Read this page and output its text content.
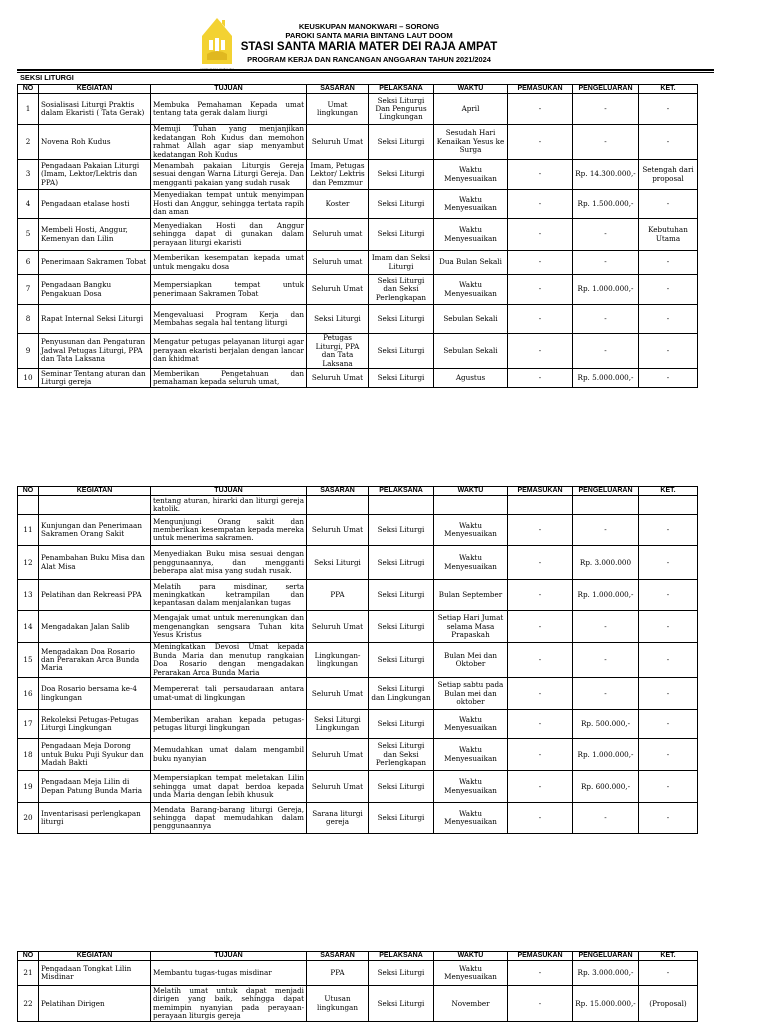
KEUSKUPAN MANOKWARI – SORONG
PAROKI SANTA MARIA BINTANG LAUT DOOM
STASI SANTA MARIA MATER DEI RAJA AMPAT
PROGRAM KERJA DAN RANCANGAN ANGGARAN TAHUN 2021/2024
SEKSI LITURGI
NO	KEGIATAN	TUJUAN	SASARAN	PELAKSANA	WAKTU	PEMASUKAN	PENGELUARAN	KET.
1	Sosialisasi Liturgi Praktis dalam Ekaristi ( Tata Gerak)	Membuka Pemahaman Kepada umat tentang tata gerak dalam liurgi	Umat lingkungan	Seksi Liturgi Dan Pengurus Lingkungan	April	-	-	-
2	Novena Roh Kudus	Memuji Tuhan yang menjanjikan kedatangan Roh Kudus dan memohon rahmat Allah agar siap menyambut kedatangan Roh Kudus	Seluruh Umat	Seksi Liturgi	Sesudah Hari Kenaikan Yesus ke Surga	-	-	-
3	Pengadaan Pakaian Liturgi (Imam, Lektor/Lektris dan PPA)	Menambah pakaian Liturgis Gereja sesuai dengan Warna Liturgi Gereja. Dan mengganti pakaian yang sudah rusak	Imam, Petugas Lektor/ Lektris dan Pemzmur	Seksi Liturgi	Waktu Menyesuaikan	-	Rp. 14.300.000,-	Setengah dari proposal
4	Pengadaan etalase hosti	Menyediakan tempat untuk menyimpan Hosti dan Anggur, sehingga tertata rapih dan aman	Koster	Seksi Liturgi	Waktu Menyesuaikan	-	Rp. 1.500.000,-	-
5	Membeli Hosti, Anggur, Kemenyan dan Lilin	Menyediakan Hosti dan Anggur sehingga dapat di gunakan dalam perayaan liturgi ekaristi	Seluruh umat	Seksi Liturgi	Waktu Menyesuaikan	-	-	Kebutuhan Utama
6	Penerimaan Sakramen Tobat	Memberikan kesempatan kepada umat untuk mengaku dosa	Seluruh umat	Imam dan Seksi Liturgi	Dua Bulan Sekali	-	-	-
7	Pengadaan Bangku Pengakuan Dosa	Mempersiapkan tempat untuk penerimaan Sakramen Tobat	Seluruh Umat	Seksi Liturgi dan Seksi Perlengkapan	Waktu Menyesuaikan	-	Rp. 1.000.000,-	-
8	Rapat Internal Seksi Liturgi	Mengevaluasi Program Kerja dan Membahas segala hal tentang liturgi	Seksi Liturgi	Seksi Liturgi	Sebulan Sekali	-	-	-
9	Penyusunan dan Pengaturan Jadwal Petugas Liturgi, PPA dan Tata Laksana	Mengatur petugas pelayanan liturgi agar perayaan ekaristi berjalan dengan lancar dan khidmat	Petugas Liturgi, PPA dan Tata Laksana	Seksi Liturgi	Sebulan Sekali	-	-	-
10	Seminar Tentang aturan dan Liturgi gereja	Memberikan Pengetahuan dan pemahaman kepada seluruh umat,	Seluruh Umat	Seksi Liturgi	Agustus	-	Rp. 5.000.000,-	-
NO	KEGIATAN	TUJUAN	SASARAN	PELAKSANA	WAKTU	PEMASUKAN	PENGELUARAN	KET.
		tentang aturan, hirarki dan liturgi gereja katolik.						
11	Kunjungan dan Penerimaan Sakramen Orang Sakit	Mengunjungi Orang sakit dan memberikan kesempatan kepada mereka untuk menerima sakramen.	Seluruh Umat	Seksi Liturgi	Waktu Menyesuaikan	-	-	-
12	Penambahan Buku Misa dan Alat Misa	Menyediakan Buku misa sesuai dengan penggunaannya, dan mengganti beberapa alat misa yang sudah rusak.	Seksi Liturgi	Seksi Litrugi	Waktu Menyesuaikan	-	Rp. 3.000.000	-
13	Pelatihan dan Rekreasi PPA	Melatih para misdinar, serta meningkatkan ketrampilan dan kepantasan dalam menjalankan tugas	PPA	Seksi Liturgi	Bulan September	-	Rp. 1.000.000,-	-
14	Mengadakan Jalan Salib	Mengajak umat untuk merenungkan dan mengenangkan sengsara Tuhan kita Yesus Kristus	Seluruh Umat	Seksi Liturgi	Setiap Hari Jumat selama Masa Prapaskah	-	-	-
15	Mengadakan Doa Rosario dan Perarakan Arca Bunda Maria	Meningkatkan Devosi Umat kepada Bunda Maria dan menutup rangkaian Doa Rosario dengan mengadakan Perarakan Arca Bunda Maria	Lingkungan-lingkungan	Seksi Liturgi	Bulan Mei dan Oktober	-	-	-
16	Doa Rosario bersama ke-4 lingkungan	Mempererat tali persaudaraan antara umat-umat di lingkungan	Seluruh Umat	Seksi Liturgi dan Lingkungan	Setiap sabtu pada Bulan mei dan oktober	-	-	-
17	Rekoleksi Petugas-Petugas Liturgi Lingkungan	Memberikan arahan kepada petugas-petugas liturgi lingkungan	Seksi Liturgi Lingkungan	Seksi Liturgi	Waktu Menyesuaikan	-	Rp. 500.000,-	-
18	Pengadaan Meja Dorong untuk Buku Puji Syukur dan Madah Bakti	Memudahkan umat dalam mengambil buku nyanyian	Seluruh Umat	Seksi Liturgi dan Seksi Perlengkapan	Waktu Menyesuaikan	-	Rp. 1.000.000,-	-
19	Pengadaan Meja Lilin di Depan Patung Bunda Maria	Mempersiapkan tempat meletakan Lilin sehingga umat dapat berdoa kepada unda Maria dengan lebih khusuk	Seluruh Umat	Seksi Liturgi	Waktu Menyesuaikan	-	Rp. 600.000,-	-
20	Inventarisasi perlengkapan liturgi	Mendata Barang-barang liturgi Gereja, sehingga dapat memudahkan dalam penggunaannya	Sarana liturgi gereja	Seksi Liturgi	Waktu Menyesuaikan	-	-	-
NO	KEGIATAN	TUJUAN	SASARAN	PELAKSANA	WAKTU	PEMASUKAN	PENGELUARAN	KET.
21	Pengadaan Tongkat Lilin Misdinar	Membantu tugas-tugas misdinar	PPA	Seksi Liturgi	Waktu Menyesuaikan	-	Rp. 3.000.000,-	-
22	Pelatihan Dirigen	Melatih umat untuk dapat menjadi dirigen yang baik, sehingga dapat memimpin nyanyian pada perayaan-perayaan liturgis gereja	Utusan lingkungan	Seksi Liturgi	November	-	Rp. 15.000.000,-	(Proposal)
